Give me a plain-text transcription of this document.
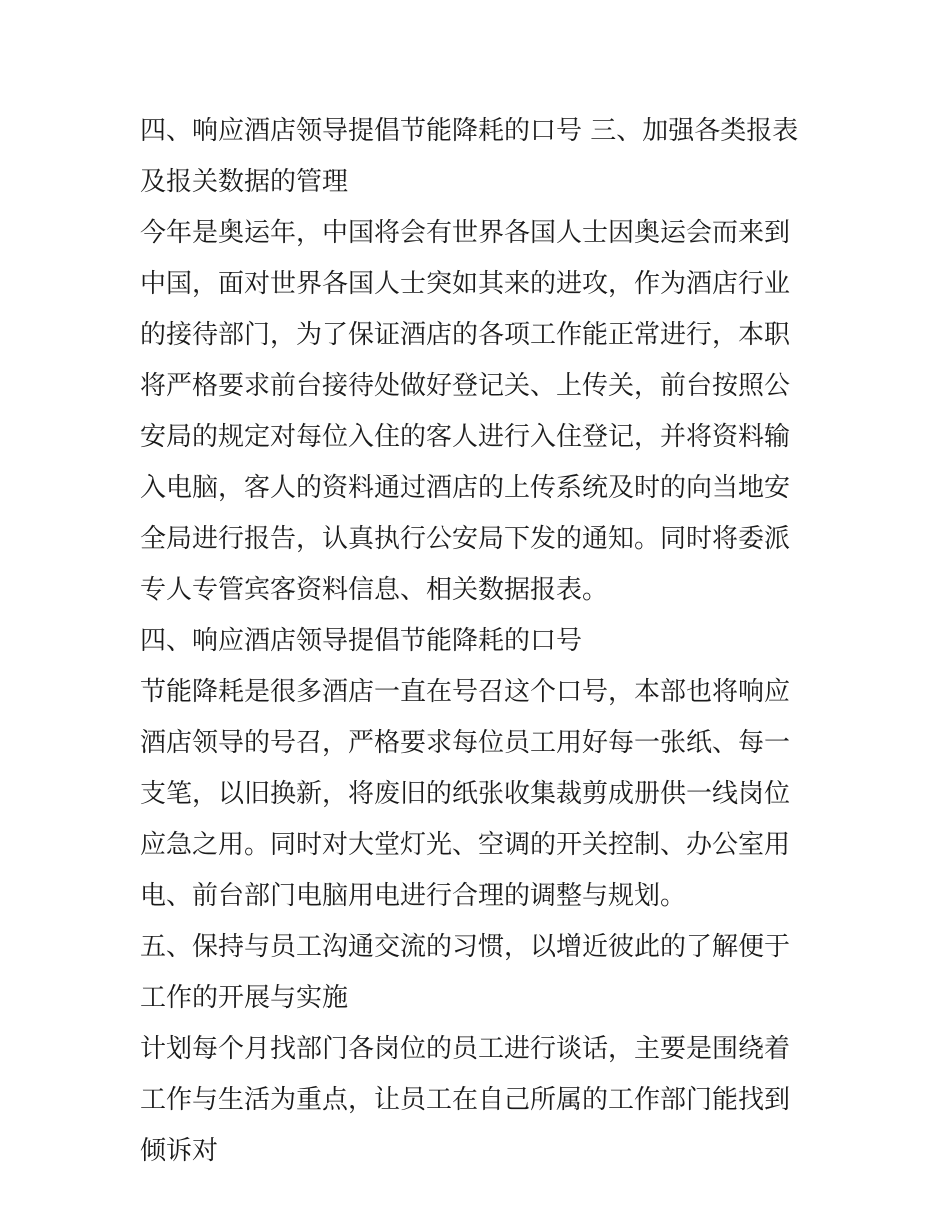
四、响应酒店领导提倡节能降耗的口号 三、加强各类报表及报关数据的管理

今年是奥运年，中国将会有世界各国人士因奥运会而来到中国，面对世界各国人士突如其来的进攻，作为酒店行业的接待部门，为了保证酒店的各项工作能正常进行，本职将严格要求前台接待处做好登记关、上传关，前台按照公安局的规定对每位入住的客人进行入住登记，并将资料输入电脑，客人的资料通过酒店的上传系统及时的向当地安全局进行报告，认真执行公安局下发的通知。同时将委派专人专管宾客资料信息、相关数据报表。

四、响应酒店领导提倡节能降耗的口号

节能降耗是很多酒店一直在号召这个口号，本部也将响应酒店领导的号召，严格要求每位员工用好每一张纸、每一支笔，以旧换新，将废旧的纸张收集裁剪成册供一线岗位应急之用。同时对大堂灯光、空调的开关控制、办公室用电、前台部门电脑用电进行合理的调整与规划。

五、保持与员工沟通交流的习惯，以增近彼此的了解便于工作的开展与实施

计划每个月找部门各岗位的员工进行谈话，主要是围绕着工作与生活为重点，让员工在自己所属的工作部门能找到倾诉对
